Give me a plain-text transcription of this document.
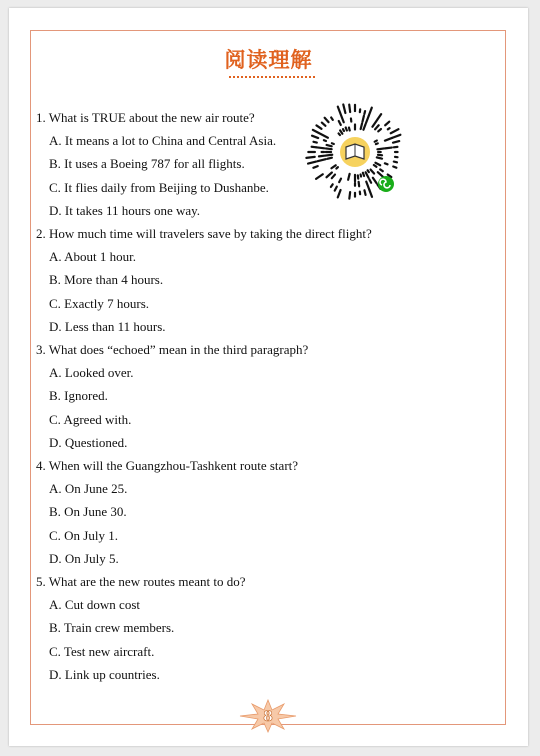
阅读理解

1. What is TRUE about the new air route?

A. It means a lot to China and Central Asia.

B. It uses a Boeing 787 for all flights.

C. It flies daily from Beijing to Dushanbe.

D. It takes 11 hours one way.

2. How much time will travelers save by taking the direct flight?

A. About 1 hour.

B. More than 4 hours.

C. Exactly 7 hours.

D. Less than 11 hours.

3. What does “echoed” mean in the third paragraph?

A. Looked over.

B. Ignored.

C. Agreed with.

D. Questioned.

4. When will the Guangzhou-Tashkent route start?

A. On June 25.

B. On June 30.

C. On July 1.

D. On July 5.

5. What are the new routes meant to do?

A. Cut down cost

B. Train crew members.

C. Test new aircraft.

D. Link up countries.

8
